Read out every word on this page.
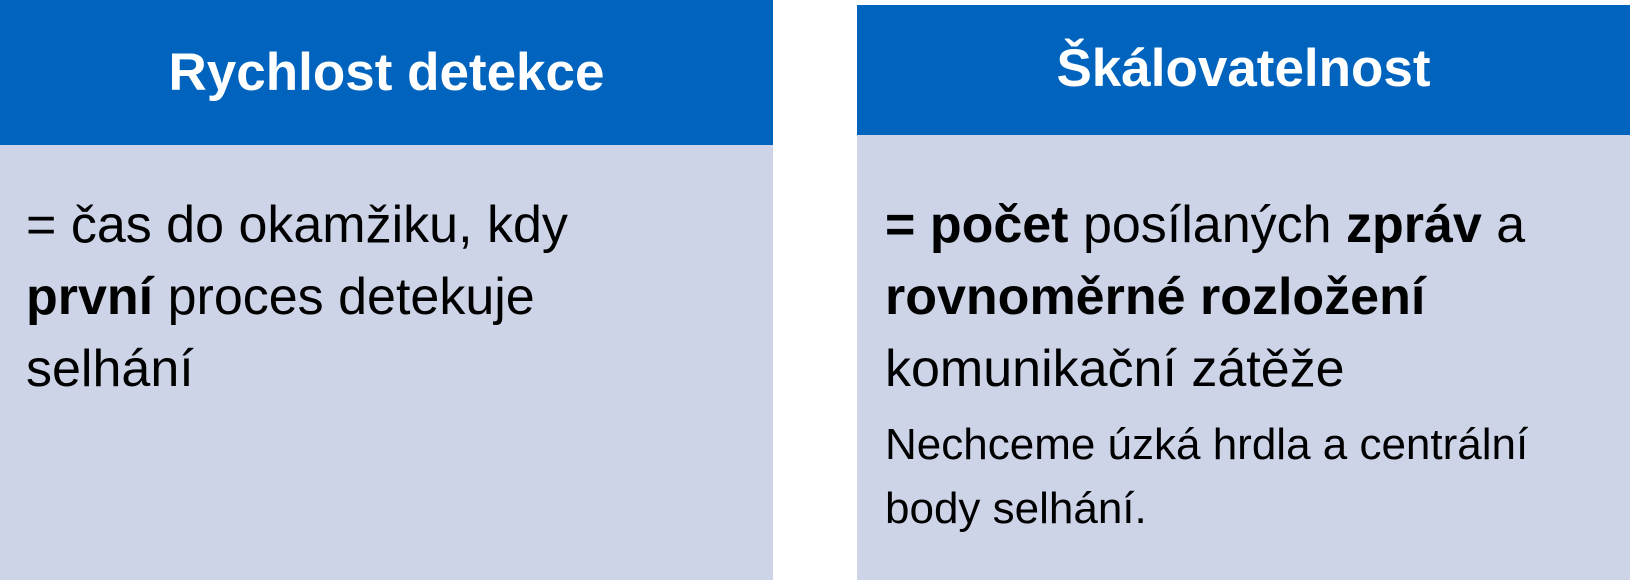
Rychlost detekce
= čas do okamžiku, kdy
první proces detekuje
selhání
Škálovatelnost
= počet posílaných zpráv a
rovnoměrné rozložení
komunikační zátěže
Nechceme úzká hrdla a centrální
body selhání.
